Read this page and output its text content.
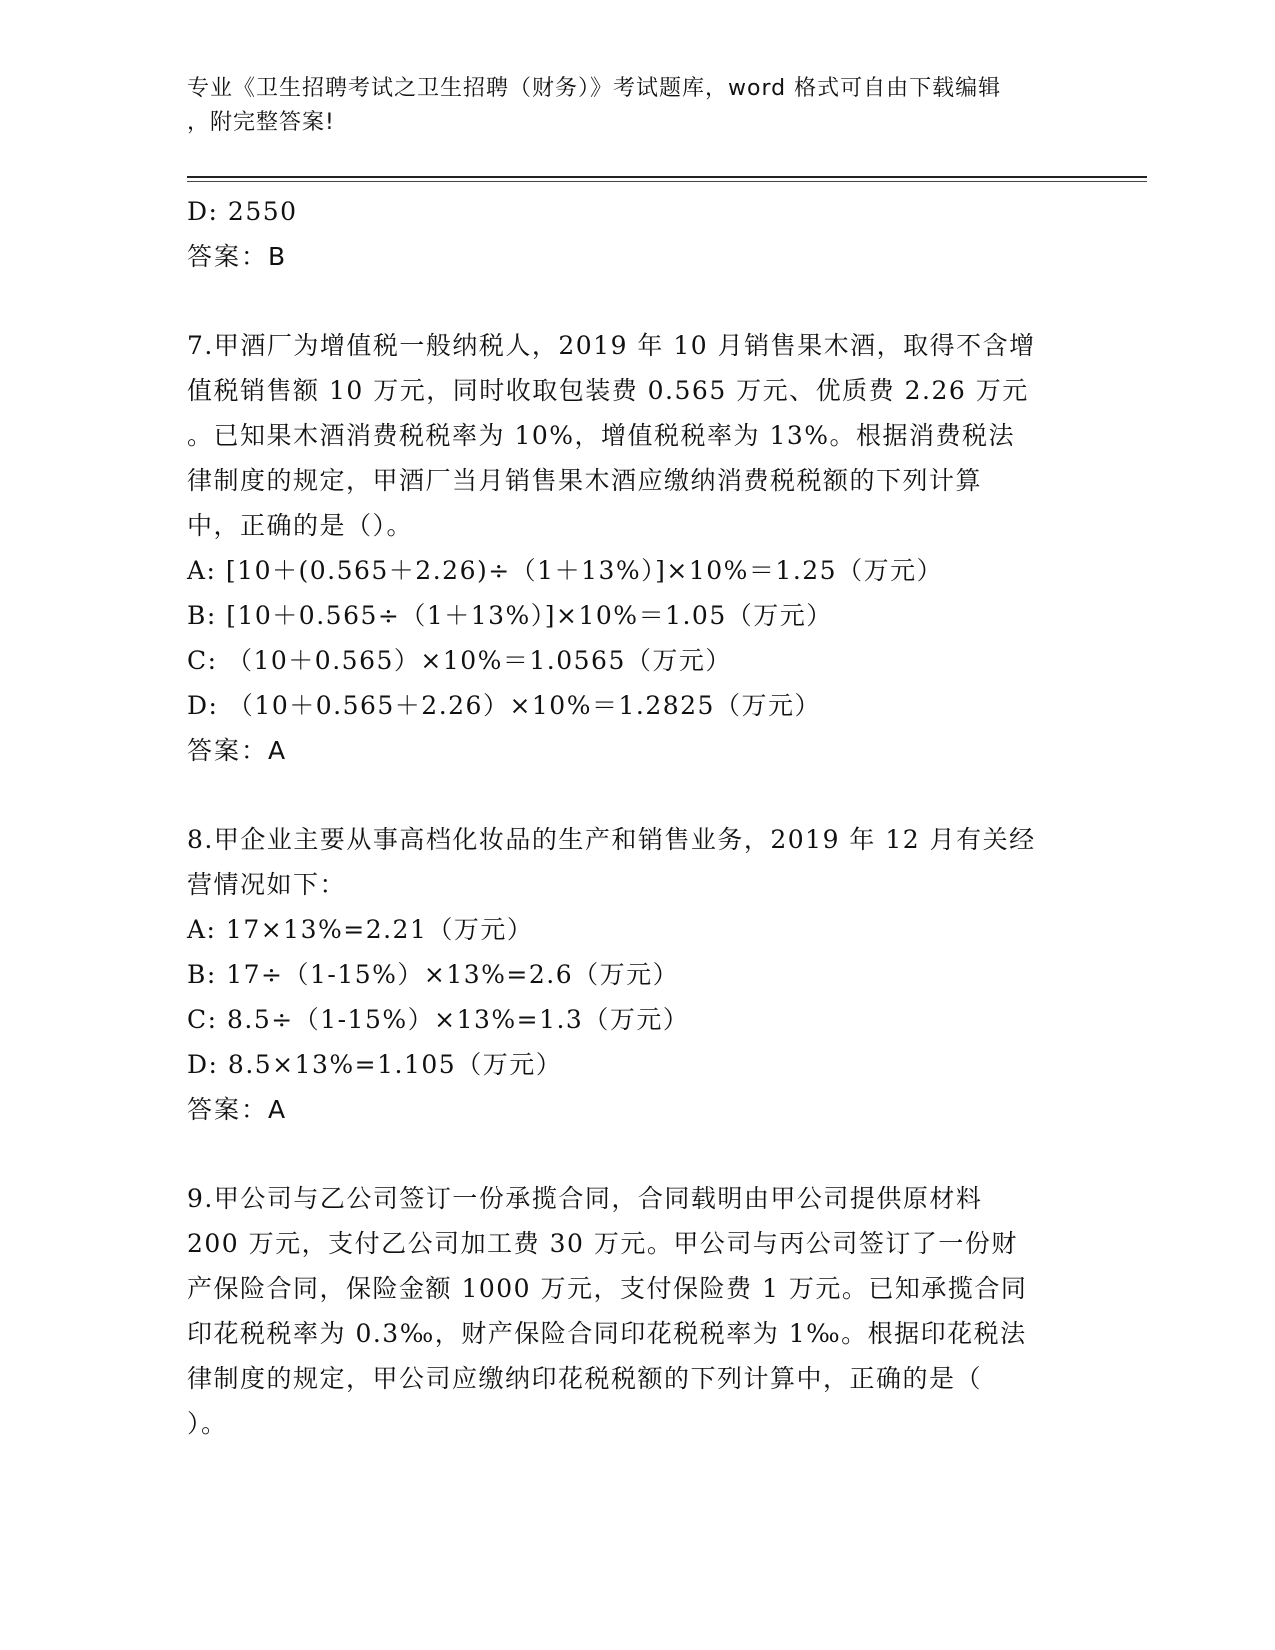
专业《卫生招聘考试之卫生招聘（财务）》考试题库，word 格式可自由下载编辑
，附完整答案!
D: 2550
答案：B
7.甲酒厂为增值税一般纳税人，2019 年 10 月销售果木酒，取得不含增
值税销售额 10 万元，同时收取包装费 0.565 万元、优质费 2.26 万元
。已知果木酒消费税税率为 10%，增值税税率为 13%。根据消费税法
律制度的规定，甲酒厂当月销售果木酒应缴纳消费税税额的下列计算
中，正确的是（）。
A: [10＋(0.565＋2.26)÷（1＋13%）]×10%＝1.25（万元）
B: [10＋0.565÷（1＋13%）]×10%＝1.05（万元）
C: （10＋0.565）×10%＝1.0565（万元）
D: （10＋0.565＋2.26）×10%＝1.2825（万元）
答案：A
8.甲企业主要从事高档化妆品的生产和销售业务，2019 年 12 月有关经
营情况如下：
A: 17×13%=2.21（万元）
B: 17÷（1-15%）×13%=2.6（万元）
C: 8.5÷（1-15%）×13%=1.3（万元）
D: 8.5×13%=1.105（万元）
答案：A
9.甲公司与乙公司签订一份承揽合同，合同载明由甲公司提供原材料
200 万元，支付乙公司加工费 30 万元。甲公司与丙公司签订了一份财
产保险合同，保险金额 1000 万元，支付保险费 1 万元。已知承揽合同
印花税税率为 0.3‰，财产保险合同印花税税率为 1‰。根据印花税法
律制度的规定，甲公司应缴纳印花税税额的下列计算中，正确的是（
）。
